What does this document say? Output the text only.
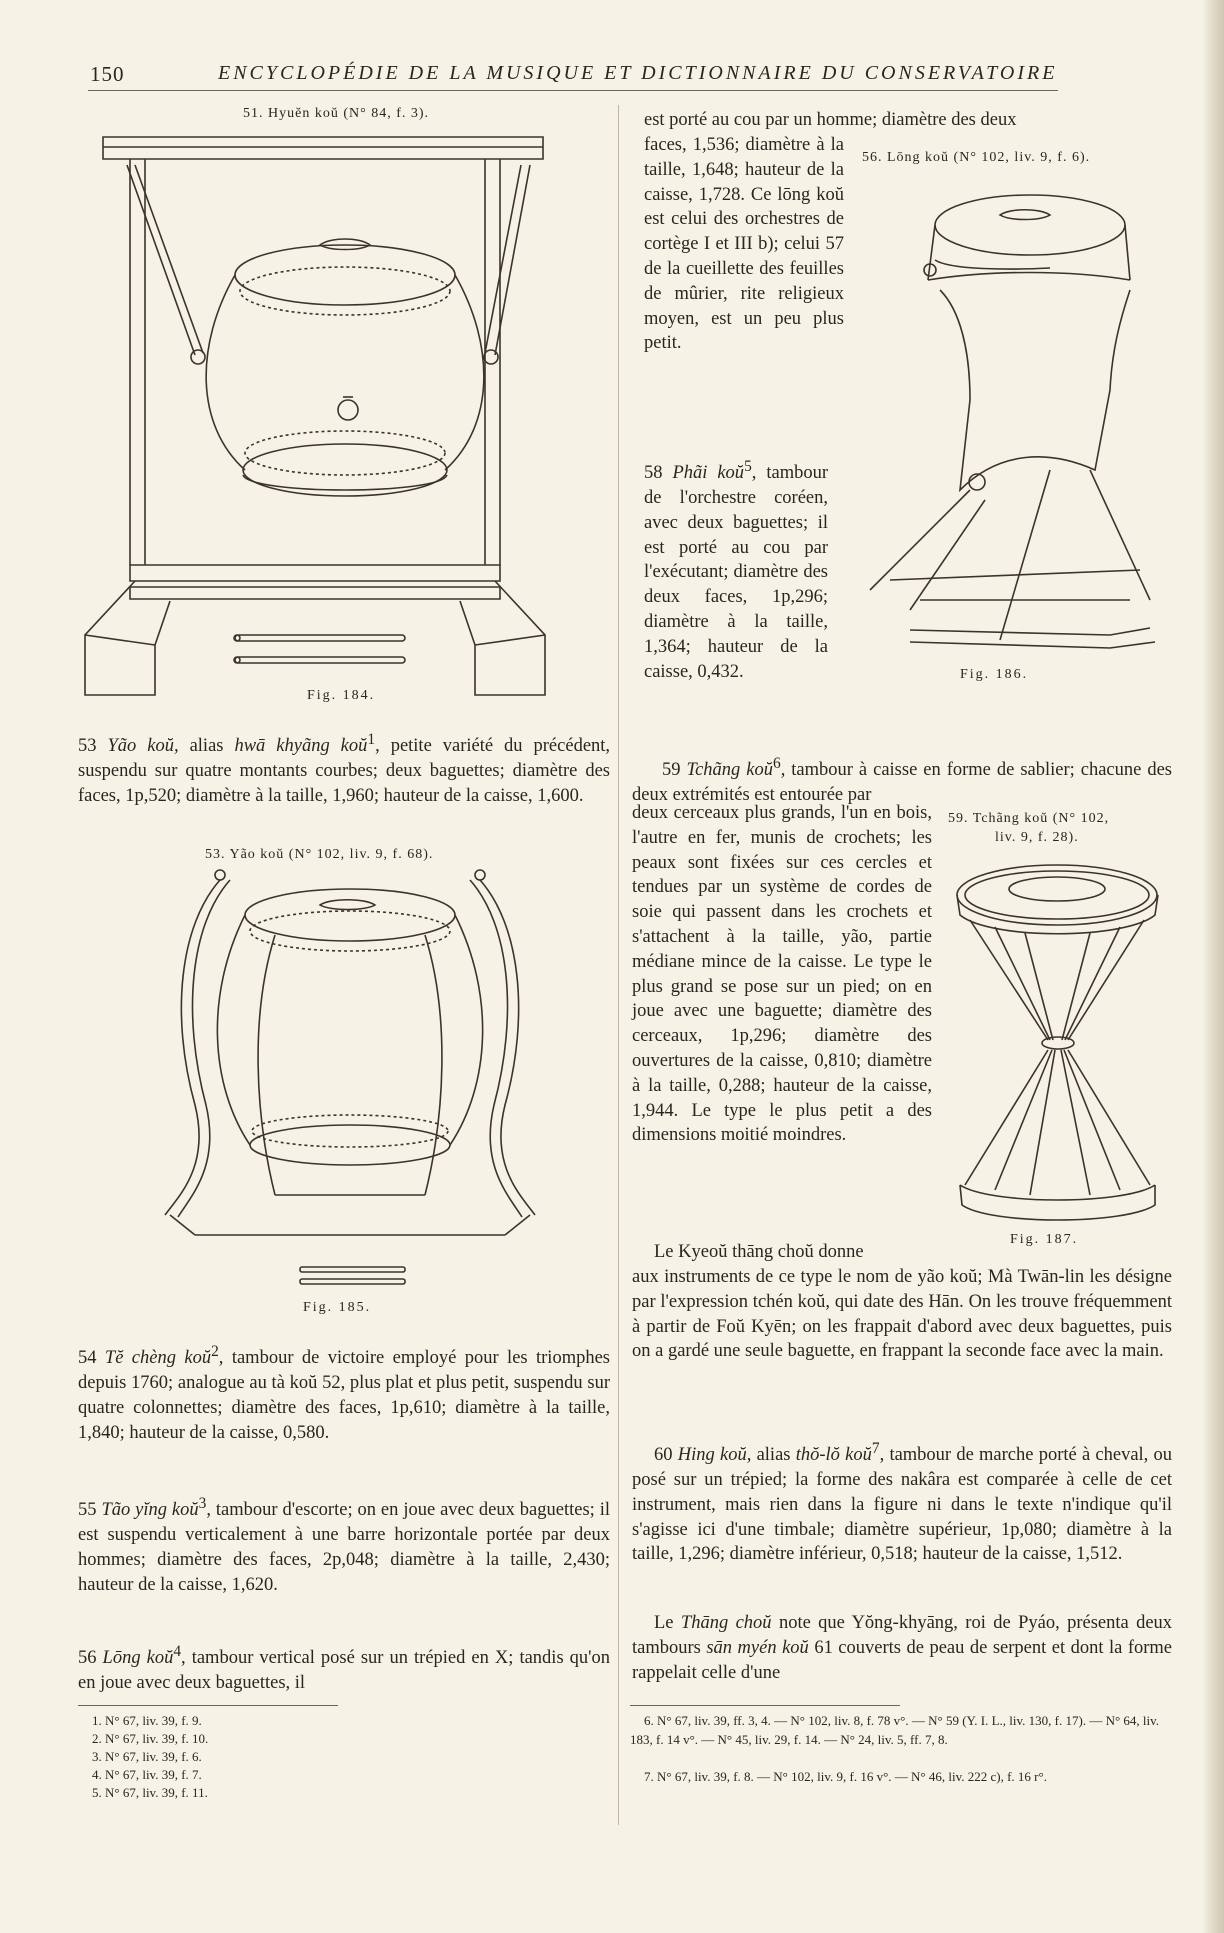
150	ENCYCLOPÉDIE DE LA MUSIQUE ET DICTIONNAIRE DU CONSERVATOIRE
51. Hyuĕn koŭ (N° 84, f. 3).
Fig. 184.

53 Yão koŭ, alias hwā khyãng koŭ$^1$, petite variété du précédent, suspendu sur quatre montants courbes; deux baguettes; diamètre des faces, 1p,520; diamètre à la taille, 1,960; hauteur de la caisse, 1,600.

53. Yão koŭ (N° 102, liv. 9, f. 68).
Fig. 185.

54 Tĕ chèng koŭ$^2$, tambour de victoire employé pour les triomphes depuis 1760; analogue au tà koŭ 52, plus plat et plus petit, suspendu sur quatre colonnettes; diamètre des faces, 1p,610; diamètre à la taille, 1,840; hauteur de la caisse, 0,580.

55 Tão yĭng koŭ$^3$, tambour d'escorte; on en joue avec deux baguettes; il est suspendu verticalement à une barre horizontale portée par deux hommes; diamètre des faces, 2p,048; diamètre à la taille, 2,430; hauteur de la caisse, 1,620.

56 Lōng koŭ$^4$, tambour vertical posé sur un trépied en X; tandis qu'on en joue avec deux baguettes, il

1. N° 67, liv. 39, f. 9.

2. N° 67, liv. 39, f. 10.

3. N° 67, liv. 39, f. 6.

4. N° 67, liv. 39, f. 7.

5. N° 67, liv. 39, f. 11.

est porté au cou par un homme; diamètre des deux

faces, 1,536; diamètre à la taille, 1,648; hauteur de la caisse, 1,728. Ce lōng koŭ est celui des orchestres de cortège I et III b); celui 57 de la cueillette des feuilles de mûrier, rite religieux moyen, est un peu plus petit.

56. Lōng koŭ (N° 102, liv. 9, f. 6).
Fig. 186.

58 Phãi koŭ$^5$, tambour de l'orchestre coréen, avec deux baguettes; il est porté au cou par l'exécutant; diamètre des deux faces, 1p,296; diamètre à la taille, 1,364; hauteur de la caisse, 0,432.

59 Tchãng koŭ$^6$, tambour à caisse en forme de sablier; chacune des deux extrémités est entourée par

59. Tchãng koŭ (N° 102,
liv. 9, f. 28).

deux cerceaux plus grands, l'un en bois, l'autre en fer, munis de crochets; les peaux sont fixées sur ces cercles et tendues par un système de cordes de soie qui passent dans les crochets et s'attachent à la taille, yão, partie médiane mince de la caisse. Le type le plus grand se pose sur un pied; on en joue avec une baguette; diamètre des cerceaux, 1p,296; diamètre des ouvertures de la caisse, 0,810; diamètre à la taille, 0,288; hauteur de la caisse, 1,944. Le type le plus petit a des dimensions moitié moindres.

Fig. 187.

Le Kyeoŭ thāng choŭ donne

aux instruments de ce type le nom de yão koŭ; Mà Twān-lin les désigne par l'expression tchén koŭ, qui date des Hān. On les trouve fréquemment à partir de Foŭ Kyēn; on les frappait d'abord avec deux baguettes, puis on a gardé une seule baguette, en frappant la seconde face avec la main.

60 Hing koŭ, alias thŏ-lŏ koŭ$^7$, tambour de marche porté à cheval, ou posé sur un trépied; la forme des nakâra est comparée à celle de cet instrument, mais rien dans la figure ni dans le texte n'indique qu'il s'agisse ici d'une timbale; diamètre supérieur, 1p,080; diamètre à la taille, 1,296; diamètre inférieur, 0,518; hauteur de la caisse, 1,512.

Le Thāng choŭ note que Yŏng-khyāng, roi de Pyáo, présenta deux tambours sān myén koŭ 61 couverts de peau de serpent et dont la forme rappelait celle d'une

6. N° 67, liv. 39, ff. 3, 4. — N° 102, liv. 8, f. 78 v°. — N° 59 (Y. I. L., liv. 130, f. 17). — N° 64, liv. 183, f. 14 v°. — N° 45, liv. 29, f. 14. — N° 24, liv. 5, ff. 7, 8.

7. N° 67, liv. 39, f. 8. — N° 102, liv. 9, f. 16 v°. — N° 46, liv. 222 c), f. 16 r°.
